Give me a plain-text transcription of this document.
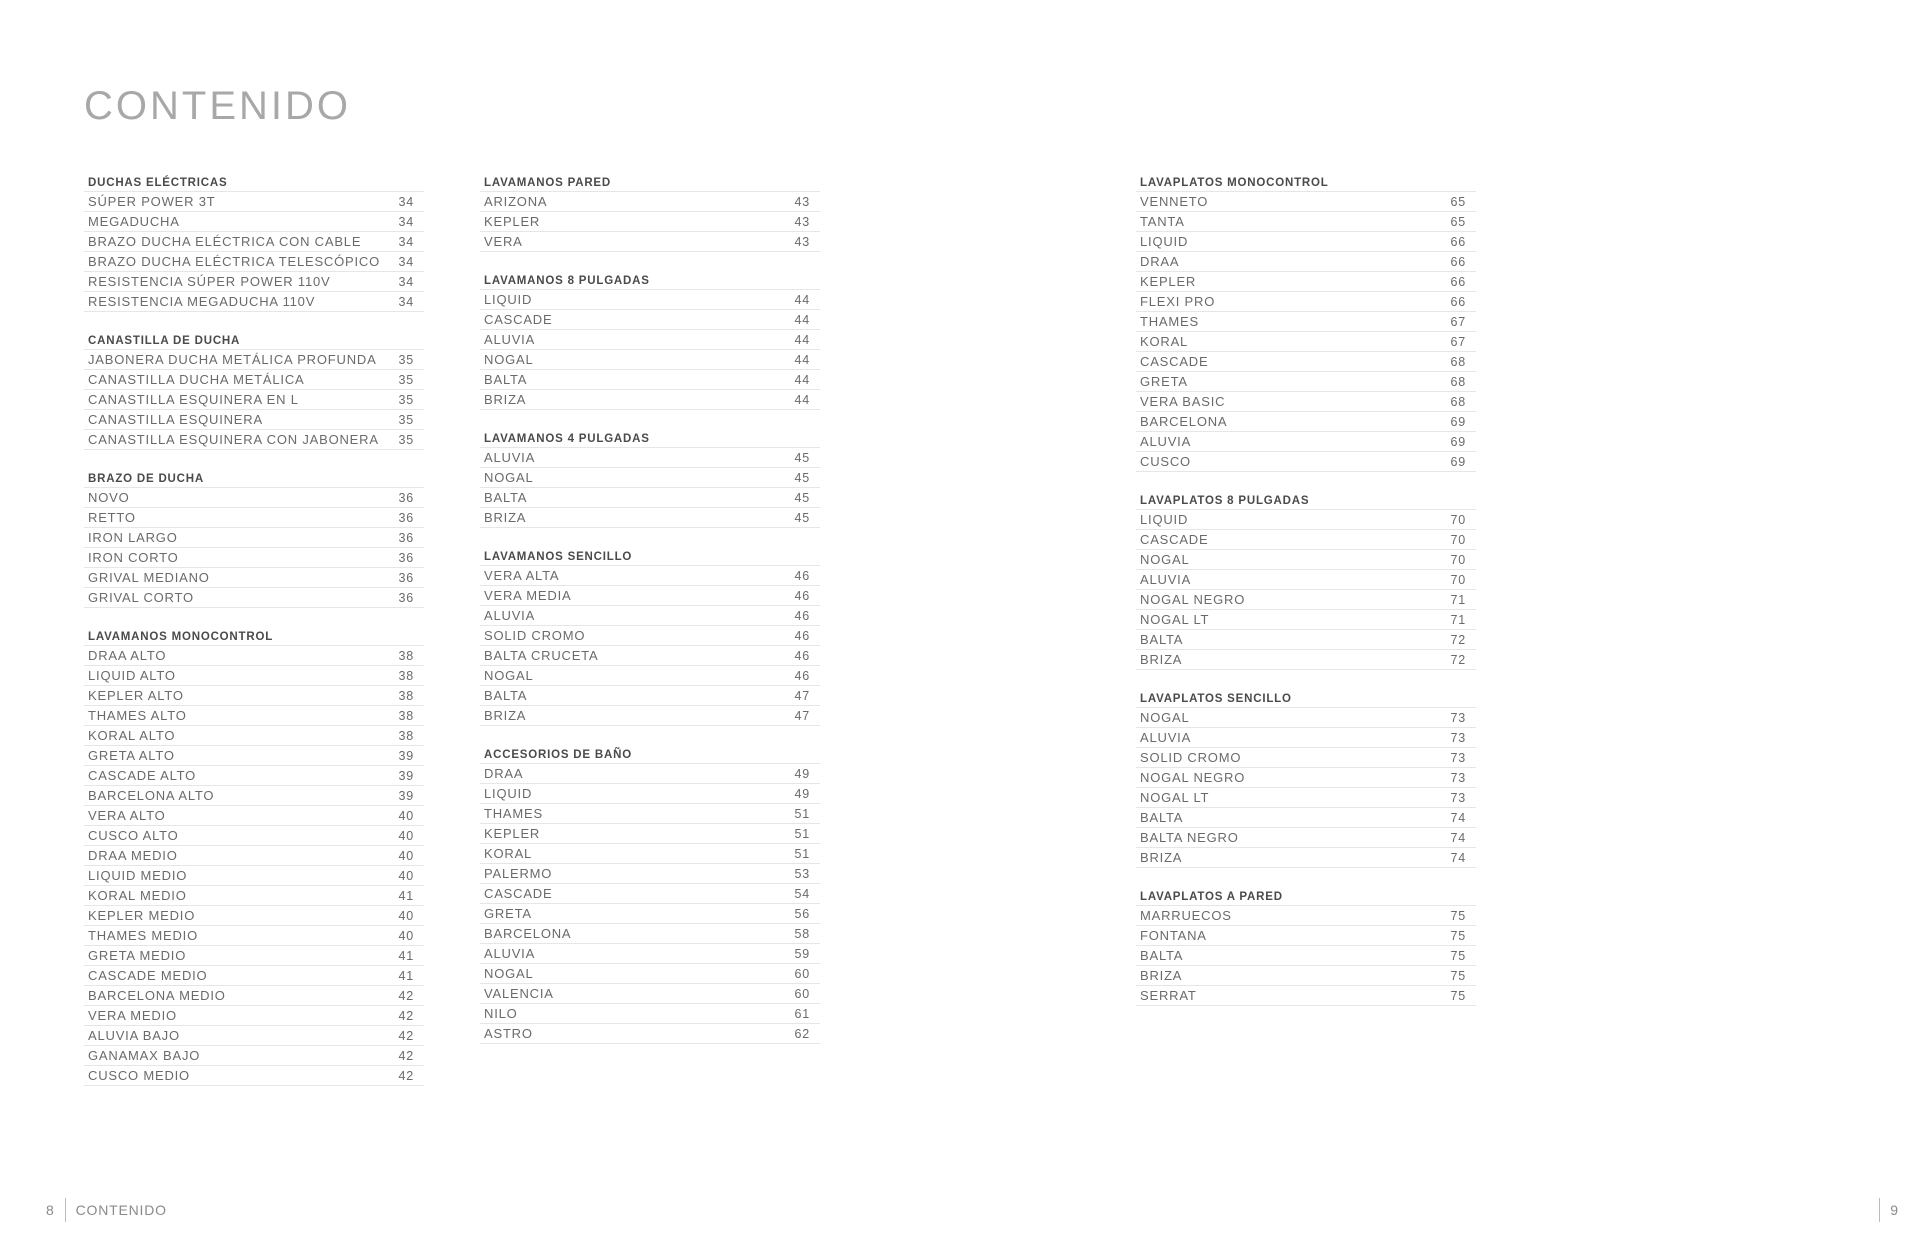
CONTENIDO
DUCHAS ELÉCTRICAS
SÚPER POWER 3T	34
MEGADUCHA	34
BRAZO DUCHA ELÉCTRICA CON CABLE	34
BRAZO DUCHA ELÉCTRICA TELESCÓPICO 34
RESISTENCIA SÚPER POWER 110V	34
RESISTENCIA MEGADUCHA 110V	34
CANASTILLA DE DUCHA
JABONERA DUCHA METÁLICA PROFUNDA 35
CANASTILLA DUCHA METÁLICA	35
CANASTILLA ESQUINERA EN L	35
CANASTILLA ESQUINERA	35
CANASTILLA ESQUINERA CON JABONERA 35
BRAZO DE DUCHA
NOVO	36
RETTO	36
IRON LARGO	36
IRON CORTO	36
GRIVAL MEDIANO	36
GRIVAL CORTO	36
LAVAMANOS MONOCONTROL
DRAA ALTO	38
LIQUID ALTO	38
KEPLER ALTO	38
THAMES ALTO	38
KORAL ALTO	38
GRETA ALTO	39
CASCADE ALTO	39
BARCELONA ALTO	39
VERA ALTO	40
CUSCO ALTO	40
DRAA MEDIO	40
LIQUID MEDIO	40
KORAL MEDIO	41
KEPLER MEDIO	40
THAMES MEDIO	40
GRETA MEDIO	41
CASCADE MEDIO	41
BARCELONA MEDIO	42
VERA MEDIO	42
ALUVIA BAJO	42
GANAMAX BAJO	42
CUSCO MEDIO	42
LAVAMANOS PARED
ARIZONA	43
KEPLER	43
VERA	43
LAVAMANOS 8 PULGADAS
LIQUID	44
CASCADE	44
ALUVIA	44
NOGAL	44
BALTA	44
BRIZA	44
LAVAMANOS 4 PULGADAS
ALUVIA	45
NOGAL	45
BALTA	45
BRIZA	45
LAVAMANOS SENCILLO
VERA ALTA	46
VERA MEDIA	46
ALUVIA	46
SOLID CROMO	46
BALTA CRUCETA	46
NOGAL	46
BALTA	47
BRIZA	47
ACCESORIOS DE BAÑO
DRAA	49
LIQUID	49
THAMES	51
KEPLER	51
KORAL	51
PALERMO	53
CASCADE	54
GRETA	56
BARCELONA	58
ALUVIA	59
NOGAL	60
VALENCIA	60
NILO	61
ASTRO	62
LAVAPLATOS MONOCONTROL
VENNETO	65
TANTA	65
LIQUID	66
DRAA	66
KEPLER	66
FLEXI PRO	66
THAMES	67
KORAL	67
CASCADE	68
GRETA	68
VERA BASIC	68
BARCELONA	69
ALUVIA	69
CUSCO	69
LAVAPLATOS 8 PULGADAS
LIQUID	70
CASCADE	70
NOGAL	70
ALUVIA	70
NOGAL NEGRO	71
NOGAL LT	71
BALTA	72
BRIZA	72
LAVAPLATOS SENCILLO
NOGAL	73
ALUVIA	73
SOLID CROMO	73
NOGAL NEGRO	73
NOGAL LT	73
BALTA	74
BALTA NEGRO	74
BRIZA	74
LAVAPLATOS A PARED
MARRUECOS	75
FONTANA	75
BALTA	75
BRIZA	75
SERRAT	75
8 CONTENIDO	9
